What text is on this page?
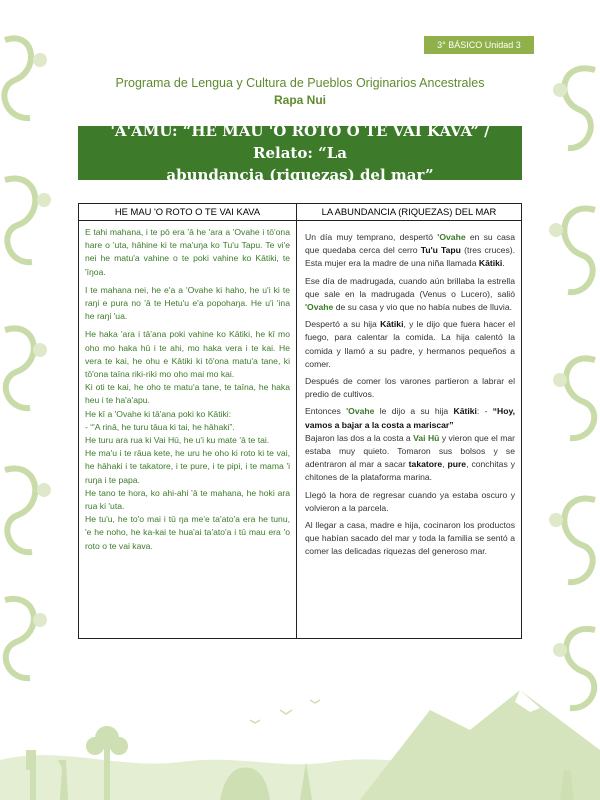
3° BÁSICO Unidad 3
Programa de Lengua y Cultura de Pueblos Originarios Ancestrales
Rapa Nui
'A'AMU: “HE MAU 'O ROTO O TE VAI KAVA” / Relato: “La
abundancia (riquezas) del mar”
HE MAU 'O ROTO O TE VAI KAVA

E tahi mahana, i te pō era 'ā he 'ara a 'Ovahe i tō'ona hare o 'uta, hāhine ki te ma'uŋa ko Tu'u Tapu. Te vi'e nei he matu'a vahine o te poki vahine ko Kātiki, te 'īŋoa.

I te mahana nei, he e'a a 'Ovahe ki haho, he u'i ki te raŋi e pura no 'ā te Hetu'u e'a popohaŋa. He u'i 'ina he raŋi 'ua.

He haka 'ara i tā'ana poki vahine ko Kātiki, he kī mo oho mo haka hū i te ahi, mo haka vera i te kai. He vera te kai, he ohu e Kātiki ki tō'ona matu'a tane, ki tō'ona taīna riki-riki mo oho mai mo kai.

Ki oti te kai, he oho te matu'a tane, te taīna, he haka heu i te ha'a'apu.

He kī a 'Ovahe ki tā'ana poki ko Kātiki:

- “'A rinā, he turu tāua ki tai, he hāhaki”.

He turu ara rua ki Vai Hū, he u'i ku mate 'ā te tai.

He ma'u i te rāua kete, he uru he oho ki roto ki te vai, he hāhaki i te takatore, i te pure, i te pipi, i te mama 'i ruŋa i te papa.

He tano te hora, ko ahi-ahi 'ā te mahana, he hoki ara rua ki 'uta.

He tu'u, he to'o mai i tū ŋa me'e ta'ato'a era he tunu, 'e he noho, he ka-kai te hua'ai ta'ato'a i tū mau era 'o roto o te vai kava.

LA ABUNDANCIA (RIQUEZAS) DEL MAR

Un día muy temprano, despertó 'Ovahe en su casa que quedaba cerca del cerro Tu'u Tapu (tres cruces). Esta mujer era la madre de una niña llamada Kātiki.

Ese día de madrugada, cuando aún brillaba la estrella que sale en la madrugada (Venus o Lucero), salió 'Ovahe de su casa y vio que no había nubes de lluvia.

Despertó a su hija Kātiki, y le dijo que fuera hacer el fuego, para calentar la comida. La hija calentó la comida y llamó a su padre, y hermanos pequeños a comer.

Después de comer los varones partieron a labrar el predio de cultivos.

Entonces 'Ovahe le dijo a su hija Kātiki: - “Hoy, vamos a bajar a la costa a mariscar”

Bajaron las dos a la costa a Vai Hū y vieron que el mar estaba muy quieto. Tomaron sus bolsos y se adentraron al mar a sacar takatore, pure, conchitas y chitones de la plataforma marina.

Llegó la hora de regresar cuando ya estaba oscuro y volvieron a la parcela.

Al llegar a casa, madre e hija, cocinaron los productos que habían sacado del mar y toda la familia se sentó a comer las delicadas riquezas del generoso mar.
